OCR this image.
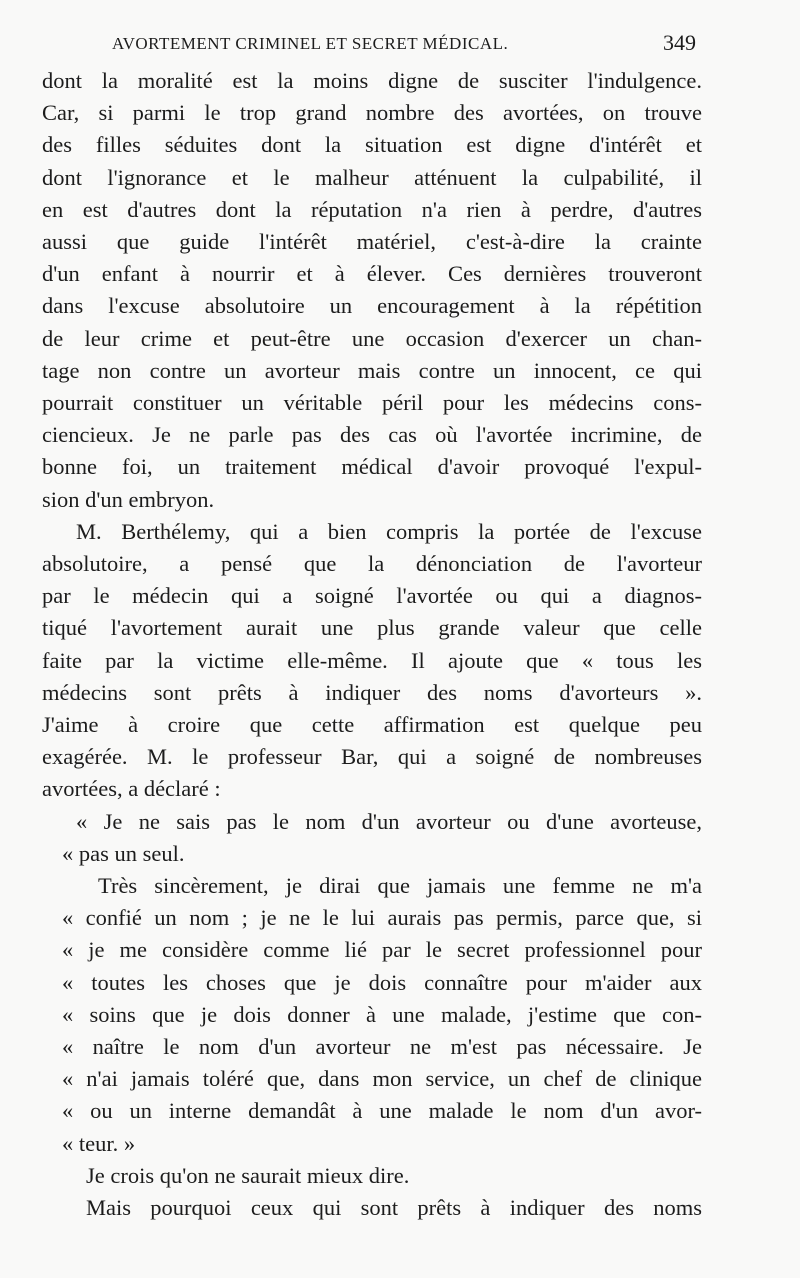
AVORTEMENT CRIMINEL ET SECRET MÉDICAL.	349
dont la moralité est la moins digne de susciter l'indulgence.
Car, si parmi le trop grand nombre des avortées, on trouve
des filles séduites dont la situation est digne d'intérêt et
dont l'ignorance et le malheur atténuent la culpabilité, il
en est d'autres dont la réputation n'a rien à perdre, d'autres
aussi que guide l'intérêt matériel, c'est-à-dire la crainte
d'un enfant à nourrir et à élever. Ces dernières trouveront
dans l'excuse absolutoire un encouragement à la répétition
de leur crime et peut-être une occasion d'exercer un chan-
tage non contre un avorteur mais contre un innocent, ce qui
pourrait constituer un véritable péril pour les médecins cons-
ciencieux. Je ne parle pas des cas où l'avortée incrimine, de
bonne foi, un traitement médical d'avoir provoqué l'expul-
sion d'un embryon.
M. Berthélemy, qui a bien compris la portée de l'excuse
absolutoire, a pensé que la dénonciation de l'avorteur
par le médecin qui a soigné l'avortée ou qui a diagnos-
tiqué l'avortement aurait une plus grande valeur que celle
faite par la victime elle-même. Il ajoute que « tous les
médecins sont prêts à indiquer des noms d'avorteurs ».
J'aime à croire que cette affirmation est quelque peu
exagérée. M. le professeur Bar, qui a soigné de nombreuses
avortées, a déclaré :
« Je ne sais pas le nom d'un avorteur ou d'une avorteuse,
« pas un seul.
Très sincèrement, je dirai que jamais une femme ne m'a
« confié un nom ; je ne le lui aurais pas permis, parce que, si
« je me considère comme lié par le secret professionnel pour
« toutes les choses que je dois connaître pour m'aider aux
« soins que je dois donner à une malade, j'estime que con-
« naître le nom d'un avorteur ne m'est pas nécessaire. Je
« n'ai jamais toléré que, dans mon service, un chef de clinique
« ou un interne demandât à une malade le nom d'un avor-
« teur. »
Je crois qu'on ne saurait mieux dire.
Mais pourquoi ceux qui sont prêts à indiquer des noms
